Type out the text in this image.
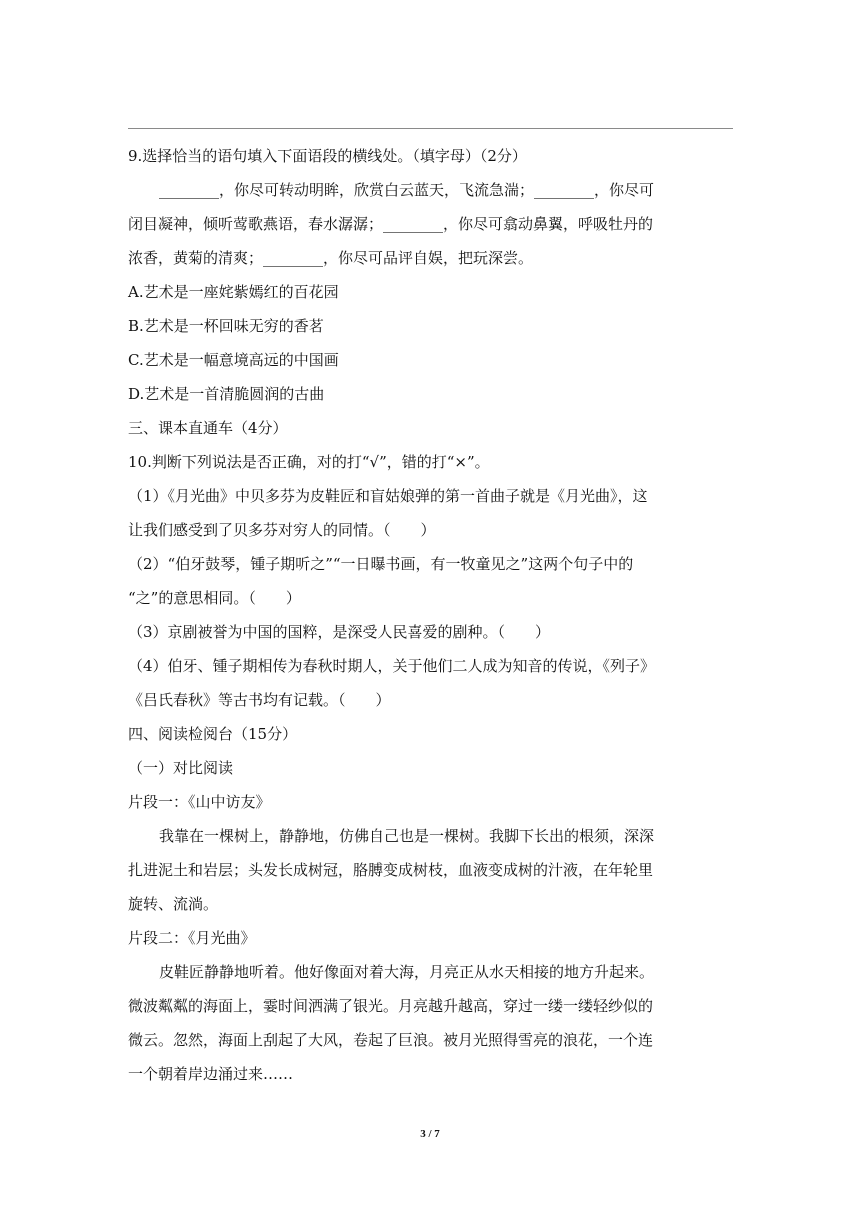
9.选择恰当的语句填入下面语段的横线处。（填字母）（2分）
________，你尽可转动明眸，欣赏白云蓝天，飞流急湍；________，你尽可
闭目凝神，倾听莺歌燕语，春水潺潺；________，你尽可翕动鼻翼，呼吸牡丹的
浓香，黄菊的清爽；________，你尽可品评自娱，把玩深尝。
A.艺术是一座姹紫嫣红的百花园
B.艺术是一杯回味无穷的香茗
C.艺术是一幅意境高远的中国画
D.艺术是一首清脆圆润的古曲
三、课本直通车（4分）
10.判断下列说法是否正确，对的打“√”，错的打“×”。
（1）《月光曲》中贝多芬为皮鞋匠和盲姑娘弹的第一首曲子就是《月光曲》，这
让我们感受到了贝多芬对穷人的同情。（　　）
（2）“伯牙鼓琴，锺子期听之”“一日曝书画，有一牧童见之”这两个句子中的
“之”的意思相同。（　　）
（3）京剧被誉为中国的国粹，是深受人民喜爱的剧种。（　　）
（4）伯牙、锺子期相传为春秋时期人，关于他们二人成为知音的传说，《列子》
《吕氏春秋》等古书均有记载。（　　）
四、阅读检阅台（15分）
（一）对比阅读
片段一：《山中访友》
我靠在一棵树上，静静地，仿佛自己也是一棵树。我脚下长出的根须，深深
扎进泥土和岩层；头发长成树冠，胳膊变成树枝，血液变成树的汁液，在年轮里
旋转、流淌。
片段二：《月光曲》
皮鞋匠静静地听着。他好像面对着大海，月亮正从水天相接的地方升起来。
微波粼粼的海面上，霎时间洒满了银光。月亮越升越高，穿过一缕一缕轻纱似的
微云。忽然，海面上刮起了大风，卷起了巨浪。被月光照得雪亮的浪花，一个连
一个朝着岸边涌过来……
3 / 7
